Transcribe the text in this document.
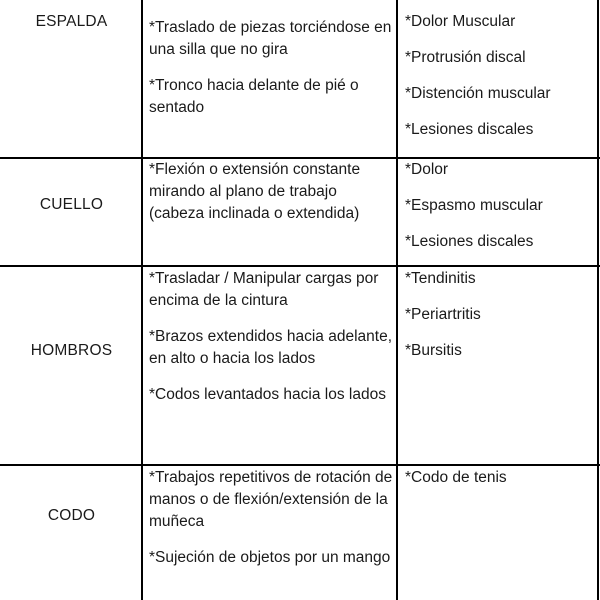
ESPALDA	*Traslado de piezas torciéndose en una silla que no gira

*Tronco hacia delante de pié o sentado

*Dolor Muscular

*Protrusión discal

*Distención muscular

*Lesiones discales

CUELLO

*Flexión o extensión constante mirando al plano de trabajo (cabeza inclinada o extendida)

*Dolor

*Espasmo muscular

*Lesiones discales

HOMBROS

*Trasladar / Manipular cargas por encima de la cintura

*Brazos extendidos hacia adelante, en alto o hacia los lados

*Codos levantados hacia los lados

*Tendinitis

*Periartritis

*Bursitis

CODO

*Trabajos repetitivos de rotación de manos o de flexión/extensión de la muñeca

*Sujeción de objetos por un mango

*Codo de tenis
